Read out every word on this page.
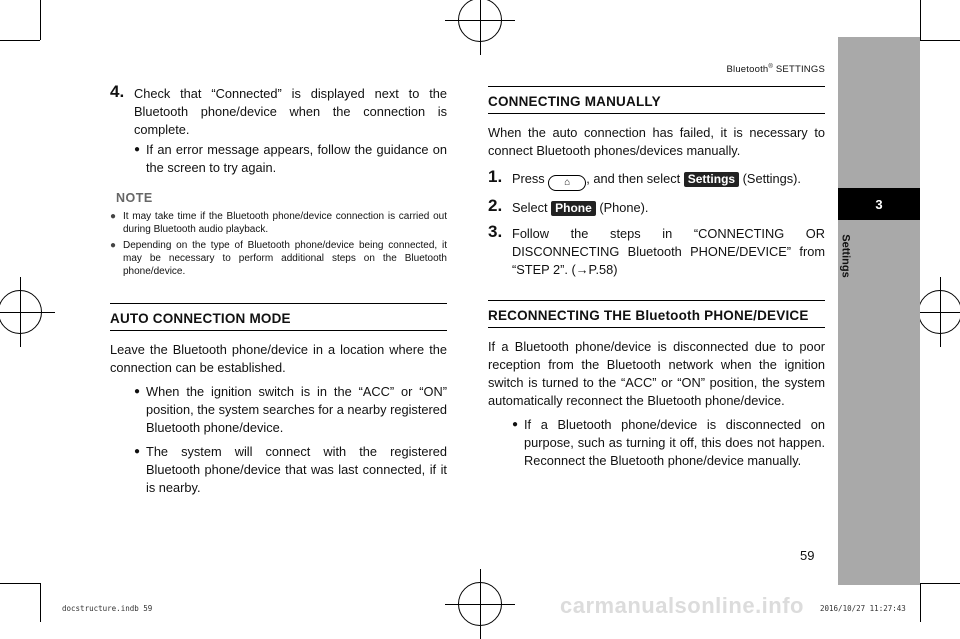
Bluetooth® SETTINGS
3
Settings
4. Check that “Connected” is displayed next to the Bluetooth phone/device when the connection is complete.
● If an error message appears, follow the guidance on the screen to try again.
NOTE
● It may take time if the Bluetooth phone/device connection is carried out during Bluetooth audio playback.
● Depending on the type of Bluetooth phone/device being connected, it may be necessary to perform additional steps on the Bluetooth phone/device.
AUTO CONNECTION MODE
Leave the Bluetooth phone/device in a location where the connection can be established.
● When the ignition switch is in the “ACC” or “ON” position, the system searches for a nearby registered Bluetooth phone/device.
● The system will connect with the registered Bluetooth phone/device that was last connected, if it is nearby.
CONNECTING MANUALLY
When the auto connection has failed, it is necessary to connect Bluetooth phones/devices manually.
1. Press ⌂ , and then select Settings (Settings).
2. Select Phone (Phone).
3. Follow the steps in “CONNECTING OR DISCONNECTING Bluetooth PHONE/DEVICE” from “STEP 2”. (→P.58)
RECONNECTING THE Bluetooth PHONE/DEVICE
If a Bluetooth phone/device is disconnected due to poor reception from the Bluetooth network when the ignition switch is turned to the “ACC” or “ON” position, the system automatically reconnect the Bluetooth phone/device.
● If a Bluetooth phone/device is disconnected on purpose, such as turning it off, this does not happen. Reconnect the Bluetooth phone/device manually.
59
docstructure.indb 59	2016/10/27 11:27:43
carmanualsonline.info
